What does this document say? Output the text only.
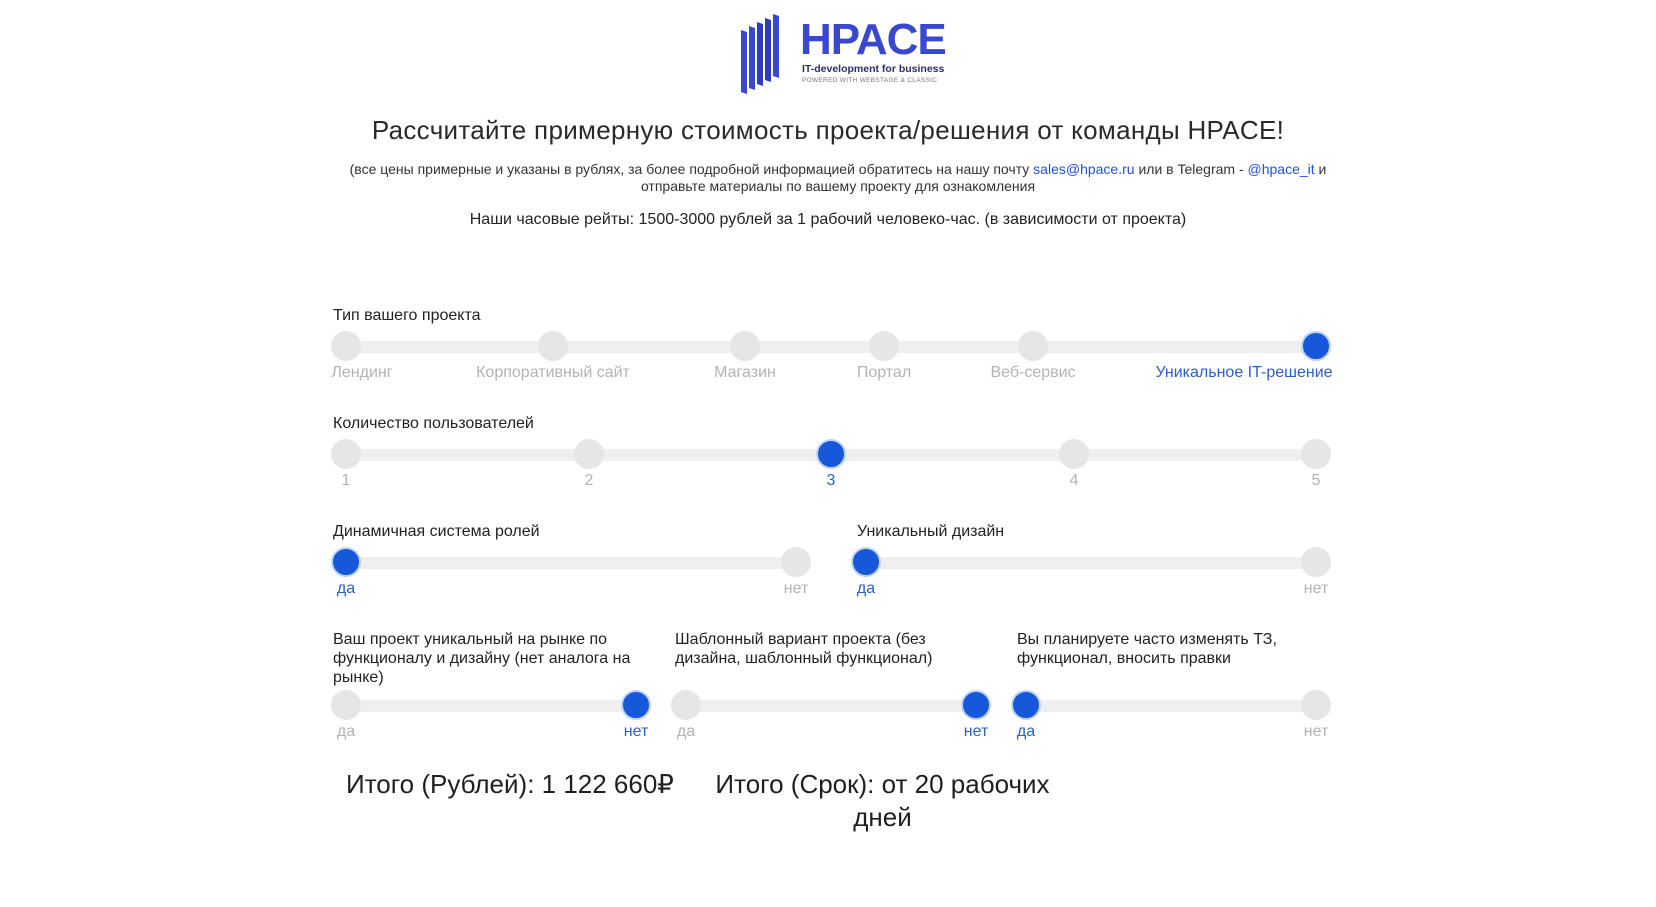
HPACE
IT-development for business
POWERED WITH WEBSTAGE & CLASSIC
Рассчитайте примерную стоимость проекта/решения от команды HPACE!
(все цены примерные и указаны в рублях, за более подробной информацией обратитесь на нашу почту sales@hpace.ru или в Telegram - @hpace_it и отправьте материалы по вашему проекту для ознакомления
Наши часовые рейты: 1500-3000 рублей за 1 рабочий человеко-час. (в зависимости от проекта)
Тип вашего проекта
Лендинг	Корпоративный сайт	Магазин	Портал	Веб-сервис	Уникальное IT-решение
Количество пользователей
1	2	3	4	5
Динамичная система ролей
да	нет
Уникальный дизайн
да	нет
Ваш проект уникальный на рынке по функционалу и дизайну (нет аналога на рынке)
да	нет
Шаблонный вариант проекта (без дизайна, шаблонный функционал)
да	нет
Вы планируете часто изменять ТЗ, функционал, вносить правки
да	нет
Итого (Рублей): 1 122 660₽	Итого (Срок): от 20 рабочих дней
